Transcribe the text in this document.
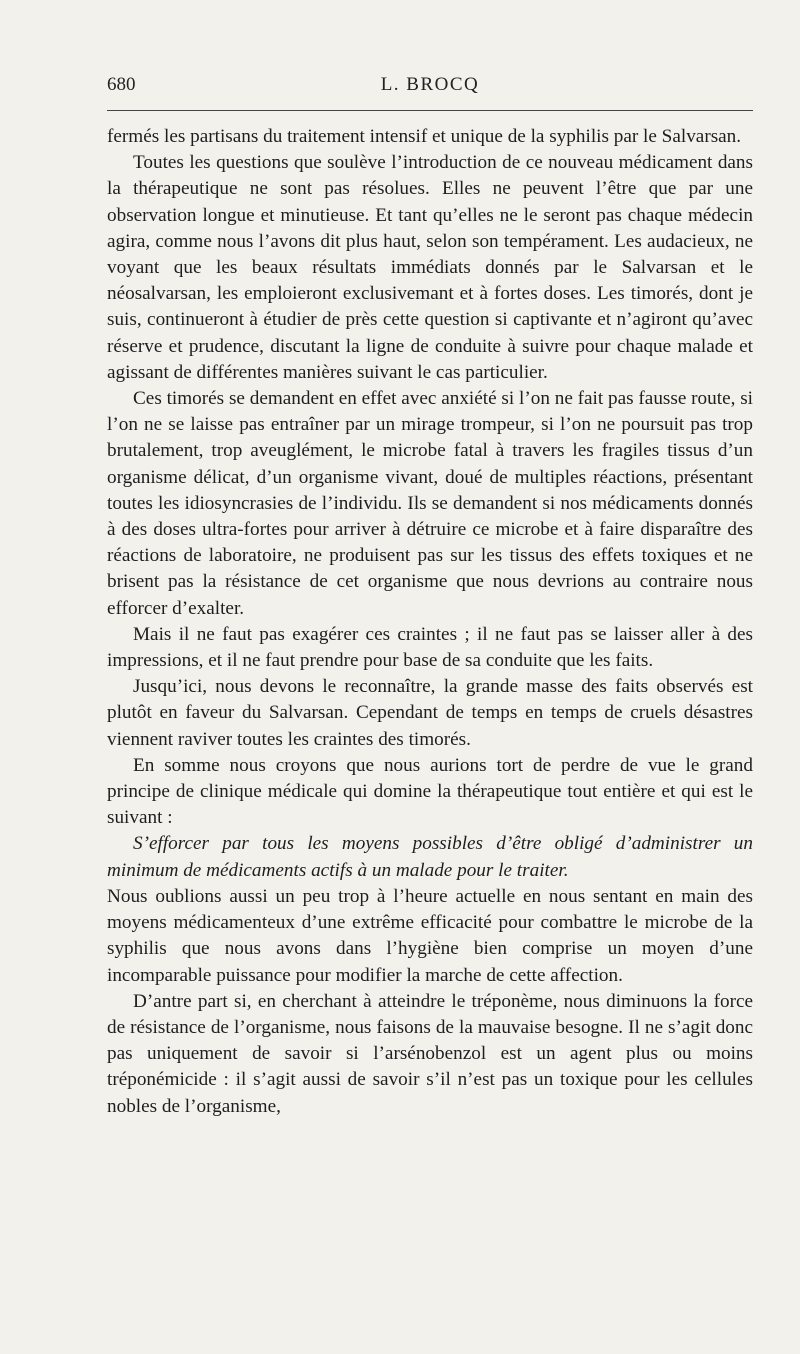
680	L. BROCQ

fermés les partisans du traitement intensif et unique de la syphilis par le Salvarsan.

Toutes les questions que soulève l’introduction de ce nouveau médicament dans la thérapeutique ne sont pas résolues. Elles ne peuvent l’être que par une observation longue et minutieuse. Et tant qu’elles ne le seront pas chaque médecin agira, comme nous l’avons dit plus haut, selon son tempérament. Les audacieux, ne voyant que les beaux résultats immédiats donnés par le Salvarsan et le néosalvarsan, les emploieront exclusivemant et à fortes doses. Les timorés, dont je suis, continueront à étudier de près cette question si captivante et n’agiront qu’avec réserve et prudence, discutant la ligne de conduite à suivre pour chaque malade et agissant de différentes manières suivant le cas particulier.

Ces timorés se demandent en effet avec anxiété si l’on ne fait pas fausse route, si l’on ne se laisse pas entraîner par un mirage trompeur, si l’on ne poursuit pas trop brutalement, trop aveuglément, le microbe fatal à travers les fragiles tissus d’un organisme délicat, d’un organisme vivant, doué de multiples réactions, présentant toutes les idiosyncrasies de l’individu. Ils se demandent si nos médicaments donnés à des doses ultra-fortes pour arriver à détruire ce microbe et à faire disparaître des réactions de laboratoire, ne produisent pas sur les tissus des effets toxiques et ne brisent pas la résistance de cet organisme que nous devrions au contraire nous efforcer d’exalter.

Mais il ne faut pas exagérer ces craintes ; il ne faut pas se laisser aller à des impressions, et il ne faut prendre pour base de sa conduite que les faits.

Jusqu’ici, nous devons le reconnaître, la grande masse des faits observés est plutôt en faveur du Salvarsan. Cependant de temps en temps de cruels désastres viennent raviver toutes les craintes des timorés.

En somme nous croyons que nous aurions tort de perdre de vue le grand principe de clinique médicale qui domine la thérapeutique tout entière et qui est le suivant :

S’efforcer par tous les moyens possibles d’être obligé d’administrer un minimum de médicaments actifs à un malade pour le traiter.

Nous oublions aussi un peu trop à l’heure actuelle en nous sentant en main des moyens médicamenteux d’une extrême efficacité pour combattre le microbe de la syphilis que nous avons dans l’hygiène bien comprise un moyen d’une incomparable puissance pour modifier la marche de cette affection.

D’antre part si, en cherchant à atteindre le tréponème, nous diminuons la force de résistance de l’organisme, nous faisons de la mauvaise besogne. Il ne s’agit donc pas uniquement de savoir si l’arsénobenzol est un agent plus ou moins tréponémicide : il s’agit aussi de savoir s’il n’est pas un toxique pour les cellules nobles de l’organisme,
